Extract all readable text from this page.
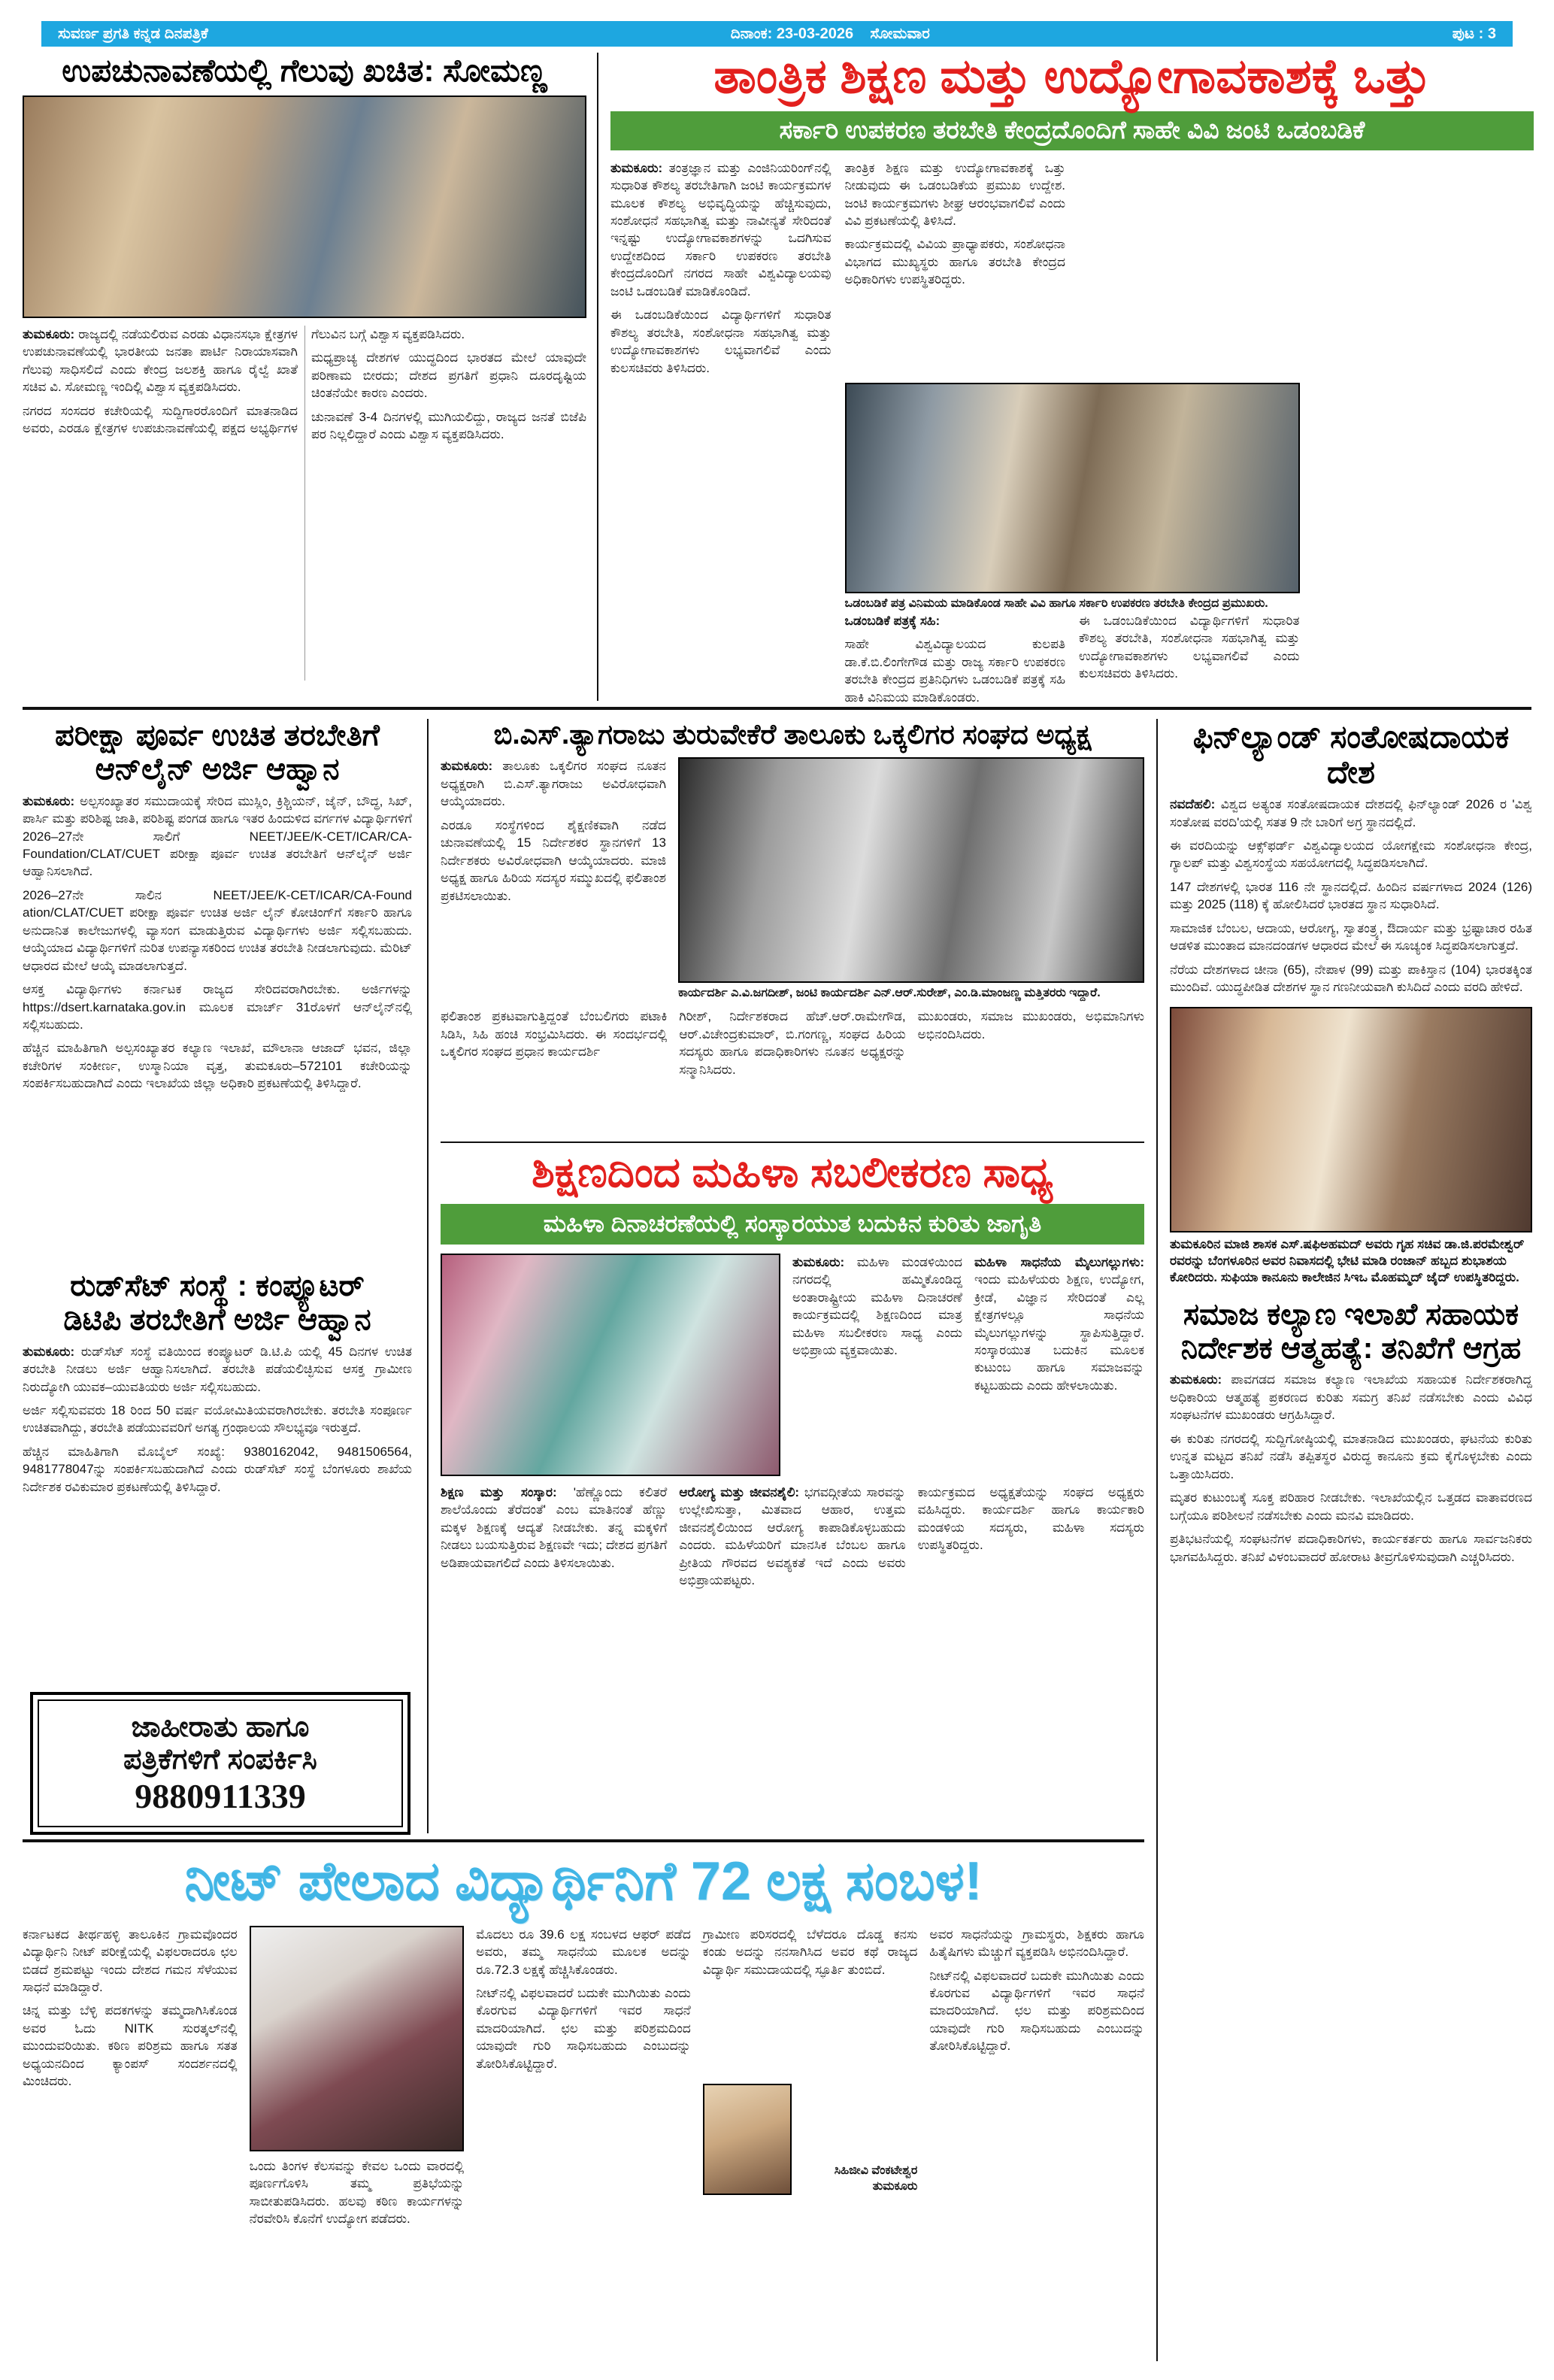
ಸುವರ್ಣ ಪ್ರಗತಿ ಕನ್ನಡ ದಿನಪತ್ರಿಕೆ	ದಿನಾಂಕ: 23-03-2026 ಸೋಮವಾರ	ಪುಟ : 3
ಉಪಚುನಾವಣೆಯಲ್ಲಿ ಗೆಲುವು ಖಚಿತ: ಸೋಮಣ್ಣ

ತುಮಕೂರು: ರಾಜ್ಯದಲ್ಲಿ ನಡೆಯಲಿರುವ ಎರಡು ವಿಧಾನಸಭಾ ಕ್ಷೇತ್ರಗಳ ಉಪಚುನಾವಣೆಯಲ್ಲಿ ಭಾರತೀಯ ಜನತಾ ಪಾರ್ಟಿ ನಿರಾಯಾಸವಾಗಿ ಗೆಲುವು ಸಾಧಿಸಲಿದೆ ಎಂದು ಕೇಂದ್ರ ಜಲಶಕ್ತಿ ಹಾಗೂ ರೈಲ್ವೆ ಖಾತೆ ಸಚಿವ ವಿ. ಸೋಮಣ್ಣ ಇಂದಿಲ್ಲಿ ವಿಶ್ವಾಸ ವ್ಯಕ್ತಪಡಿಸಿದರು.

ನಗರದ ಸಂಸದರ ಕಚೇರಿಯಲ್ಲಿ ಸುದ್ದಿಗಾರರೊಂದಿಗೆ ಮಾತನಾಡಿದ ಅವರು, ಎರಡೂ ಕ್ಷೇತ್ರಗಳ ಉಪಚುನಾವಣೆಯಲ್ಲಿ ಪಕ್ಷದ ಅಭ್ಯರ್ಥಿಗಳ ಗೆಲುವಿನ ಬಗ್ಗೆ ವಿಶ್ವಾಸ ವ್ಯಕ್ತಪಡಿಸಿದರು.

ಮಧ್ಯಪ್ರಾಚ್ಯ ದೇಶಗಳ ಯುದ್ಧದಿಂದ ಭಾರತದ ಮೇಲೆ ಯಾವುದೇ ಪರಿಣಾಮ ಬೀರದು; ದೇಶದ ಪ್ರಗತಿಗೆ ಪ್ರಧಾನಿ ದೂರದೃಷ್ಟಿಯ ಚಿಂತನೆಯೇ ಕಾರಣ ಎಂದರು.

ಚುನಾವಣೆ 3-4 ದಿನಗಳಲ್ಲಿ ಮುಗಿಯಲಿದ್ದು, ರಾಜ್ಯದ ಜನತೆ ಬಿಜೆಪಿ ಪರ ನಿಲ್ಲಲಿದ್ದಾರೆ ಎಂದು ವಿಶ್ವಾಸ ವ್ಯಕ್ತಪಡಿಸಿದರು.

ತಾಂತ್ರಿಕ ಶಿಕ್ಷಣ ಮತ್ತು ಉದ್ಯೋಗಾವಕಾಶಕ್ಕೆ ಒತ್ತು
ಸರ್ಕಾರಿ ಉಪಕರಣ ತರಬೇತಿ ಕೇಂದ್ರದೊಂದಿಗೆ ಸಾಹೇ ವಿವಿ ಜಂಟಿ ಒಡಂಬಡಿಕೆ

ತುಮಕೂರು: ತಂತ್ರಜ್ಞಾನ ಮತ್ತು ಎಂಜಿನಿಯರಿಂಗ್‌ನಲ್ಲಿ ಸುಧಾರಿತ ಕೌಶಲ್ಯ ತರಬೇತಿಗಾಗಿ ಜಂಟಿ ಕಾರ್ಯಕ್ರಮಗಳ ಮೂಲಕ ಕೌಶಲ್ಯ ಅಭಿವೃದ್ಧಿಯನ್ನು ಹೆಚ್ಚಿಸುವುದು, ಸಂಶೋಧನೆ ಸಹಭಾಗಿತ್ವ ಮತ್ತು ನಾವೀನ್ಯತೆ ಸೇರಿದಂತೆ ಇನ್ನಷ್ಟು ಉದ್ಯೋಗಾವಕಾಶಗಳನ್ನು ಒದಗಿಸುವ ಉದ್ದೇಶದಿಂದ ಸರ್ಕಾರಿ ಉಪಕರಣ ತರಬೇತಿ ಕೇಂದ್ರದೊಂದಿಗೆ ನಗರದ ಸಾಹೇ ವಿಶ್ವವಿದ್ಯಾಲಯವು ಜಂಟಿ ಒಡಂಬಡಿಕೆ ಮಾಡಿಕೊಂಡಿದೆ.

ಈ ಒಡಂಬಡಿಕೆಯಿಂದ ವಿದ್ಯಾರ್ಥಿಗಳಿಗೆ ಸುಧಾರಿತ ಕೌಶಲ್ಯ ತರಬೇತಿ, ಸಂಶೋಧನಾ ಸಹಭಾಗಿತ್ವ ಮತ್ತು ಉದ್ಯೋಗಾವಕಾಶಗಳು ಲಭ್ಯವಾಗಲಿವೆ ಎಂದು ಕುಲಸಚಿವರು ತಿಳಿಸಿದರು.

ಒಡಂಬಡಿಕೆ ಪತ್ರ ವಿನಿಮಯ ಮಾಡಿಕೊಂಡ ಸಾಹೇ ವಿವಿ ಹಾಗೂ ಸರ್ಕಾರಿ ಉಪಕರಣ ತರಬೇತಿ ಕೇಂದ್ರದ ಪ್ರಮುಖರು.

ತಾಂತ್ರಿಕ ಶಿಕ್ಷಣ ಮತ್ತು ಉದ್ಯೋಗಾವಕಾಶಕ್ಕೆ ಒತ್ತು ನೀಡುವುದು ಈ ಒಡಂಬಡಿಕೆಯ ಪ್ರಮುಖ ಉದ್ದೇಶ. ಜಂಟಿ ಕಾರ್ಯಕ್ರಮಗಳು ಶೀಘ್ರ ಆರಂಭವಾಗಲಿವೆ ಎಂದು ವಿವಿ ಪ್ರಕಟಣೆಯಲ್ಲಿ ತಿಳಿಸಿದೆ.

ಕಾರ್ಯಕ್ರಮದಲ್ಲಿ ವಿವಿಯ ಪ್ರಾಧ್ಯಾಪಕರು, ಸಂಶೋಧನಾ ವಿಭಾಗದ ಮುಖ್ಯಸ್ಥರು ಹಾಗೂ ತರಬೇತಿ ಕೇಂದ್ರದ ಅಧಿಕಾರಿಗಳು ಉಪಸ್ಥಿತರಿದ್ದರು.

ಒಡಂಬಡಿಕೆ ಪತ್ರಕ್ಕೆ ಸಹಿ:

ಸಾಹೇ ವಿಶ್ವವಿದ್ಯಾಲಯದ ಕುಲಪತಿ ಡಾ.ಕೆ.ಬಿ.ಲಿಂಗೇಗೌಡ ಮತ್ತು ರಾಜ್ಯ ಸರ್ಕಾರಿ ಉಪಕರಣ ತರಬೇತಿ ಕೇಂದ್ರದ ಪ್ರತಿನಿಧಿಗಳು ಒಡಂಬಡಿಕೆ ಪತ್ರಕ್ಕೆ ಸಹಿ ಹಾಕಿ ವಿನಿಮಯ ಮಾಡಿಕೊಂಡರು.

ಈ ಒಡಂಬಡಿಕೆಯಿಂದ ವಿದ್ಯಾರ್ಥಿಗಳಿಗೆ ಸುಧಾರಿತ ಕೌಶಲ್ಯ ತರಬೇತಿ, ಸಂಶೋಧನಾ ಸಹಭಾಗಿತ್ವ ಮತ್ತು ಉದ್ಯೋಗಾವಕಾಶಗಳು ಲಭ್ಯವಾಗಲಿವೆ ಎಂದು ಕುಲಸಚಿವರು ತಿಳಿಸಿದರು.

ಪರೀಕ್ಷಾ ಪೂರ್ವ ಉಚಿತ ತರಬೇತಿಗೆ
ಆನ್‌ಲೈನ್ ಅರ್ಜಿ ಆಹ್ವಾನ

ತುಮಕೂರು: ಅಲ್ಪಸಂಖ್ಯಾತರ ಸಮುದಾಯಕ್ಕೆ ಸೇರಿದ ಮುಸ್ಲಿಂ, ಕ್ರಿಶ್ಚಿಯನ್, ಜೈನ್, ಬೌದ್ಧ, ಸಿಖ್, ಪಾರ್ಸಿ ಮತ್ತು ಪರಿಶಿಷ್ಟ ಜಾತಿ, ಪರಿಶಿಷ್ಟ ಪಂಗಡ ಹಾಗೂ ಇತರ ಹಿಂದುಳಿದ ವರ್ಗಗಳ ವಿದ್ಯಾರ್ಥಿಗಳಿಗೆ 2026–27ನೇ ಸಾಲಿಗೆ NEET/JEE/K-CET/ICAR/CA-Foundation/CLAT/CUET ಪರೀಕ್ಷಾ ಪೂರ್ವ ಉಚಿತ ತರಬೇತಿಗೆ ಆನ್‌ಲೈನ್ ಅರ್ಜಿ ಆಹ್ವಾನಿಸಲಾಗಿದೆ.

2026–27ನೇ ಸಾಲಿನ NEET/JEE/K-CET/ICAR/CA-Found ation/CLAT/CUET ಪರೀಕ್ಷಾ ಪೂರ್ವ ಉಚಿತ ಅರ್ಜಿ ಲೈನ್ ಕೋಚಿಂಗ್‌ಗೆ ಸರ್ಕಾರಿ ಹಾಗೂ ಅನುದಾನಿತ ಕಾಲೇಜುಗಳಲ್ಲಿ ವ್ಯಾಸಂಗ ಮಾಡುತ್ತಿರುವ ವಿದ್ಯಾರ್ಥಿಗಳು ಅರ್ಜಿ ಸಲ್ಲಿಸಬಹುದು. ಆಯ್ಕೆಯಾದ ವಿದ್ಯಾರ್ಥಿಗಳಿಗೆ ನುರಿತ ಉಪನ್ಯಾಸಕರಿಂದ ಉಚಿತ ತರಬೇತಿ ನೀಡಲಾಗುವುದು. ಮೆರಿಟ್ ಆಧಾರದ ಮೇಲೆ ಆಯ್ಕೆ ಮಾಡಲಾಗುತ್ತದೆ.

ಆಸಕ್ತ ವಿದ್ಯಾರ್ಥಿಗಳು ಕರ್ನಾಟಕ ರಾಜ್ಯದ ಸೇರಿದವರಾಗಿರಬೇಕು. ಅರ್ಜಿಗಳನ್ನು https://dsert.karnataka.gov.in ಮೂಲಕ ಮಾರ್ಚ್ 31ರೊಳಗೆ ಆನ್‌ಲೈನ್‌ನಲ್ಲಿ ಸಲ್ಲಿಸಬಹುದು.

ಹೆಚ್ಚಿನ ಮಾಹಿತಿಗಾಗಿ ಅಲ್ಪಸಂಖ್ಯಾತರ ಕಲ್ಯಾಣ ಇಲಾಖೆ, ಮೌಲಾನಾ ಆಜಾದ್ ಭವನ, ಜಿಲ್ಲಾ ಕಚೇರಿಗಳ ಸಂಕೀರ್ಣ, ಉಸ್ಮಾನಿಯಾ ವೃತ್ತ, ತುಮಕೂರು–572101 ಕಚೇರಿಯನ್ನು ಸಂಪರ್ಕಿಸಬಹುದಾಗಿದೆ ಎಂದು ಇಲಾಖೆಯ ಜಿಲ್ಲಾ ಅಧಿಕಾರಿ ಪ್ರಕಟಣೆಯಲ್ಲಿ ತಿಳಿಸಿದ್ದಾರೆ.

ರುಡ್‌ಸೆಟ್ ಸಂಸ್ಥೆ : ಕಂಪ್ಯೂಟರ್
ಡಿಟಿಪಿ ತರಬೇತಿಗೆ ಅರ್ಜಿ ಆಹ್ವಾನ

ತುಮಕೂರು: ರುಡ್‌ಸೆಟ್ ಸಂಸ್ಥೆ ವತಿಯಿಂದ ಕಂಪ್ಯೂಟರ್ ಡಿ.ಟಿ.ಪಿ ಯಲ್ಲಿ 45 ದಿನಗಳ ಉಚಿತ ತರಬೇತಿ ನೀಡಲು ಅರ್ಜಿ ಆಹ್ವಾನಿಸಲಾಗಿದೆ. ತರಬೇತಿ ಪಡೆಯಲಿಚ್ಛಿಸುವ ಆಸಕ್ತ ಗ್ರಾಮೀಣ ನಿರುದ್ಯೋಗಿ ಯುವಕ–ಯುವತಿಯರು ಅರ್ಜಿ ಸಲ್ಲಿಸಬಹುದು.

ಅರ್ಜಿ ಸಲ್ಲಿಸುವವರು 18 ರಿಂದ 50 ವರ್ಷ ವಯೋಮಿತಿಯವರಾಗಿರಬೇಕು. ತರಬೇತಿ ಸಂಪೂರ್ಣ ಉಚಿತವಾಗಿದ್ದು, ತರಬೇತಿ ಪಡೆಯುವವರಿಗೆ ಅಗತ್ಯ ಗ್ರಂಥಾಲಯ ಸೌಲಭ್ಯವೂ ಇರುತ್ತದೆ.

ಹೆಚ್ಚಿನ ಮಾಹಿತಿಗಾಗಿ ಮೊಬೈಲ್ ಸಂಖ್ಯೆ: 9380162042, 9481506564, 9481778047ನ್ನು ಸಂಪರ್ಕಿಸಬಹುದಾಗಿದೆ ಎಂದು ರುಡ್‌ಸೆಟ್ ಸಂಸ್ಥೆ ಬೆಂಗಳೂರು ಶಾಖೆಯ ನಿರ್ದೇಶಕ ರವಿಕುಮಾರ ಪ್ರಕಟಣೆಯಲ್ಲಿ ತಿಳಿಸಿದ್ದಾರೆ.

ಜಾಹೀರಾತು ಹಾಗೂ
ಪತ್ರಿಕೆಗಳಿಗೆ ಸಂಪರ್ಕಿಸಿ
9880911339
ಬಿ.ಎಸ್.ತ್ಯಾಗರಾಜು ತುರುವೇಕೆರೆ ತಾಲೂಕು ಒಕ್ಕಲಿಗರ ಸಂಘದ ಅಧ್ಯಕ್ಷ

ತುಮಕೂರು: ತಾಲೂಕು ಒಕ್ಕಲಿಗರ ಸಂಘದ ನೂತನ ಅಧ್ಯಕ್ಷರಾಗಿ ಬಿ.ಎಸ್.ತ್ಯಾಗರಾಜು ಅವಿರೋಧವಾಗಿ ಆಯ್ಕೆಯಾದರು.

ಎರಡೂ ಸಂಸ್ಥೆಗಳಿಂದ ಶೈಕ್ಷಣಿಕವಾಗಿ ನಡೆದ ಚುನಾವಣೆಯಲ್ಲಿ 15 ನಿರ್ದೇಶಕರ ಸ್ಥಾನಗಳಿಗೆ 13 ನಿರ್ದೇಶಕರು ಅವಿರೋಧವಾಗಿ ಆಯ್ಕೆಯಾದರು. ಮಾಜಿ ಅಧ್ಯಕ್ಷ ಹಾಗೂ ಹಿರಿಯ ಸದಸ್ಯರ ಸಮ್ಮುಖದಲ್ಲಿ ಫಲಿತಾಂಶ ಪ್ರಕಟಿಸಲಾಯಿತು.

ಕಾರ್ಯದರ್ಶಿ ಎ.ವಿ.ಜಗದೀಶ್, ಜಂಟಿ ಕಾರ್ಯದರ್ಶಿ ಎನ್.ಆರ್.ಸುರೇಶ್, ಎಂ.ಡಿ.ಮಾಂಜಣ್ಣ ಮತ್ತಿತರರು ಇದ್ದಾರೆ.

ಫಲಿತಾಂಶ ಪ್ರಕಟವಾಗುತ್ತಿದ್ದಂತೆ ಬೆಂಬಲಿಗರು ಪಟಾಕಿ ಸಿಡಿಸಿ, ಸಿಹಿ ಹಂಚಿ ಸಂಭ್ರಮಿಸಿದರು. ಈ ಸಂದರ್ಭದಲ್ಲಿ ಒಕ್ಕಲಿಗರ ಸಂಘದ ಪ್ರಧಾನ ಕಾರ್ಯದರ್ಶಿ

ಗಿರೀಶ್, ನಿರ್ದೇಶಕರಾದ ಹೆಚ್.ಆರ್.ರಾಮೇಗೌಡ, ಆರ್.ವಿಚೇಂದ್ರಕುಮಾರ್, ಬಿ.ಗಂಗಣ್ಣ, ಸಂಘದ ಹಿರಿಯ ಸದಸ್ಯರು ಹಾಗೂ ಪದಾಧಿಕಾರಿಗಳು ನೂತನ ಅಧ್ಯಕ್ಷರನ್ನು ಸನ್ಮಾನಿಸಿದರು.

ಮುಖಂಡರು, ಸಮಾಜ ಮುಖಂಡರು, ಅಭಿಮಾನಿಗಳು ಅಭಿನಂದಿಸಿದರು.

ಶಿಕ್ಷಣದಿಂದ ಮಹಿಳಾ ಸಬಲೀಕರಣ ಸಾಧ್ಯ
ಮಹಿಳಾ ದಿನಾಚರಣೆಯಲ್ಲಿ ಸಂಸ್ಕಾರಯುತ ಬದುಕಿನ ಕುರಿತು ಜಾಗೃತಿ

ತುಮಕೂರು: ಮಹಿಳಾ ಮಂಡಳಿಯಿಂದ ನಗರದಲ್ಲಿ ಹಮ್ಮಿಕೊಂಡಿದ್ದ ಅಂತಾರಾಷ್ಟ್ರೀಯ ಮಹಿಳಾ ದಿನಾಚರಣೆ ಕಾರ್ಯಕ್ರಮದಲ್ಲಿ ಶಿಕ್ಷಣದಿಂದ ಮಾತ್ರ ಮಹಿಳಾ ಸಬಲೀಕರಣ ಸಾಧ್ಯ ಎಂದು ಅಭಿಪ್ರಾಯ ವ್ಯಕ್ತವಾಯಿತು.

ಮಹಿಳಾ ಸಾಧನೆಯ ಮೈಲುಗಲ್ಲುಗಳು: ಇಂದು ಮಹಿಳೆಯರು ಶಿಕ್ಷಣ, ಉದ್ಯೋಗ, ಕ್ರೀಡೆ, ವಿಜ್ಞಾನ ಸೇರಿದಂತೆ ಎಲ್ಲ ಕ್ಷೇತ್ರಗಳಲ್ಲೂ ಸಾಧನೆಯ ಮೈಲುಗಲ್ಲುಗಳನ್ನು ಸ್ಥಾಪಿಸುತ್ತಿದ್ದಾರೆ. ಸಂಸ್ಕಾರಯುತ ಬದುಕಿನ ಮೂಲಕ ಕುಟುಂಬ ಹಾಗೂ ಸಮಾಜವನ್ನು ಕಟ್ಟಬಹುದು ಎಂದು ಹೇಳಲಾಯಿತು.

ಶಿಕ್ಷಣ ಮತ್ತು ಸಂಸ್ಕಾರ: 'ಹೆಣ್ಣೊಂದು ಕಲಿತರೆ ಶಾಲೆಯೊಂದು ತೆರೆದಂತೆ' ಎಂಬ ಮಾತಿನಂತೆ ಹೆಣ್ಣು ಮಕ್ಕಳ ಶಿಕ್ಷಣಕ್ಕೆ ಆದ್ಯತೆ ನೀಡಬೇಕು. ತನ್ನ ಮಕ್ಕಳಿಗೆ ನೀಡಲು ಬಯಸುತ್ತಿರುವ ಶಿಕ್ಷಣವೇ ಇದು; ದೇಶದ ಪ್ರಗತಿಗೆ ಅಡಿಪಾಯವಾಗಲಿದೆ ಎಂದು ತಿಳಿಸಲಾಯಿತು.

ಆರೋಗ್ಯ ಮತ್ತು ಜೀವನಶೈಲಿ: ಭಗವದ್ಗೀತೆಯ ಸಾರವನ್ನು ಉಲ್ಲೇಖಿಸುತ್ತಾ, ಮಿತವಾದ ಆಹಾರ, ಉತ್ತಮ ಜೀವನಶೈಲಿಯಿಂದ ಆರೋಗ್ಯ ಕಾಪಾಡಿಕೊಳ್ಳಬಹುದು ಎಂದರು. ಮಹಿಳೆಯರಿಗೆ ಮಾನಸಿಕ ಬೆಂಬಲ ಹಾಗೂ ಪ್ರೀತಿಯ ಗೌರವದ ಅವಶ್ಯಕತೆ ಇದೆ ಎಂದು ಅವರು ಅಭಿಪ್ರಾಯಪಟ್ಟರು.

ಕಾರ್ಯಕ್ರಮದ ಅಧ್ಯಕ್ಷತೆಯನ್ನು ಸಂಘದ ಅಧ್ಯಕ್ಷರು ವಹಿಸಿದ್ದರು. ಕಾರ್ಯದರ್ಶಿ ಹಾಗೂ ಕಾರ್ಯಕಾರಿ ಮಂಡಳಿಯ ಸದಸ್ಯರು, ಮಹಿಳಾ ಸದಸ್ಯರು ಉಪಸ್ಥಿತರಿದ್ದರು.

ಫಿನ್‌ಲ್ಯಾಂಡ್ ಸಂತೋಷದಾಯಕ ದೇಶ

ನವದೆಹಲಿ: ವಿಶ್ವದ ಅತ್ಯಂತ ಸಂತೋಷದಾಯಕ ದೇಶದಲ್ಲಿ ಫಿನ್‌ಲ್ಯಾಂಡ್ 2026 ರ 'ವಿಶ್ವ ಸಂತೋಷ ವರದಿ'ಯಲ್ಲಿ ಸತತ 9 ನೇ ಬಾರಿಗೆ ಅಗ್ರ ಸ್ಥಾನದಲ್ಲಿದೆ.

ಈ ವರದಿಯನ್ನು ಆಕ್ಸ್‌ಫರ್ಡ್ ವಿಶ್ವವಿದ್ಯಾಲಯದ ಯೋಗಕ್ಷೇಮ ಸಂಶೋಧನಾ ಕೇಂದ್ರ, ಗ್ಯಾಲಪ್ ಮತ್ತು ವಿಶ್ವಸಂಸ್ಥೆಯ ಸಹಯೋಗದಲ್ಲಿ ಸಿದ್ಧಪಡಿಸಲಾಗಿದೆ.

147 ದೇಶಗಳಲ್ಲಿ ಭಾರತ 116 ನೇ ಸ್ಥಾನದಲ್ಲಿದೆ. ಹಿಂದಿನ ವರ್ಷಗಳಾದ 2024 (126) ಮತ್ತು 2025 (118) ಕ್ಕೆ ಹೋಲಿಸಿದರೆ ಭಾರತದ ಸ್ಥಾನ ಸುಧಾರಿಸಿದೆ.

ಸಾಮಾಜಿಕ ಬೆಂಬಲ, ಆದಾಯ, ಆರೋಗ್ಯ, ಸ್ವಾತಂತ್ರ್ಯ, ಔದಾರ್ಯ ಮತ್ತು ಭ್ರಷ್ಟಾಚಾರ ರಹಿತ ಆಡಳಿತ ಮುಂತಾದ ಮಾನದಂಡಗಳ ಆಧಾರದ ಮೇಲೆ ಈ ಸೂಚ್ಯಂಕ ಸಿದ್ಧಪಡಿಸಲಾಗುತ್ತದೆ.

ನೆರೆಯ ದೇಶಗಳಾದ ಚೀನಾ (65), ನೇಪಾಳ (99) ಮತ್ತು ಪಾಕಿಸ್ತಾನ (104) ಭಾರತಕ್ಕಿಂತ ಮುಂದಿವೆ. ಯುದ್ಧಪೀಡಿತ ದೇಶಗಳ ಸ್ಥಾನ ಗಣನೀಯವಾಗಿ ಕುಸಿದಿದೆ ಎಂದು ವರದಿ ಹೇಳಿದೆ.

ತುಮಕೂರಿನ ಮಾಜಿ ಶಾಸಕ ಎಸ್.ಷಫಿಅಹಮದ್ ಅವರು ಗೃಹ ಸಚಿವ ಡಾ.ಜಿ.ಪರಮೇಶ್ವರ್ ರವರನ್ನು ಬೆಂಗಳೂರಿನ ಅವರ ನಿವಾಸದಲ್ಲಿ ಭೇಟಿ ಮಾಡಿ ರಂಜಾನ್ ಹಬ್ಬದ ಶುಭಾಶಯ ಕೋರಿದರು. ಸುಫಿಯಾ ಕಾನೂನು ಕಾಲೇಜಿನ ಸಿಇಒ ಮೊಹಮ್ಮದ್ ಜೈದ್ ಉಪಸ್ಥಿತರಿದ್ದರು.
ಸಮಾಜ ಕಲ್ಯಾಣ ಇಲಾಖೆ ಸಹಾಯಕ
ನಿರ್ದೇಶಕ ಆತ್ಮಹತ್ಯೆ: ತನಿಖೆಗೆ ಆಗ್ರಹ

ತುಮಕೂರು: ಪಾವಗಡದ ಸಮಾಜ ಕಲ್ಯಾಣ ಇಲಾಖೆಯ ಸಹಾಯಕ ನಿರ್ದೇಶಕರಾಗಿದ್ದ ಅಧಿಕಾರಿಯ ಆತ್ಮಹತ್ಯೆ ಪ್ರಕರಣದ ಕುರಿತು ಸಮಗ್ರ ತನಿಖೆ ನಡೆಸಬೇಕು ಎಂದು ವಿವಿಧ ಸಂಘಟನೆಗಳ ಮುಖಂಡರು ಆಗ್ರಹಿಸಿದ್ದಾರೆ.

ಈ ಕುರಿತು ನಗರದಲ್ಲಿ ಸುದ್ದಿಗೋಷ್ಠಿಯಲ್ಲಿ ಮಾತನಾಡಿದ ಮುಖಂಡರು, ಘಟನೆಯ ಕುರಿತು ಉನ್ನತ ಮಟ್ಟದ ತನಿಖೆ ನಡೆಸಿ ತಪ್ಪಿತಸ್ಥರ ವಿರುದ್ಧ ಕಾನೂನು ಕ್ರಮ ಕೈಗೊಳ್ಳಬೇಕು ಎಂದು ಒತ್ತಾಯಿಸಿದರು.

ಮೃತರ ಕುಟುಂಬಕ್ಕೆ ಸೂಕ್ತ ಪರಿಹಾರ ನೀಡಬೇಕು. ಇಲಾಖೆಯಲ್ಲಿನ ಒತ್ತಡದ ವಾತಾವರಣದ ಬಗ್ಗೆಯೂ ಪರಿಶೀಲನೆ ನಡೆಸಬೇಕು ಎಂದು ಮನವಿ ಮಾಡಿದರು.

ಪ್ರತಿಭಟನೆಯಲ್ಲಿ ಸಂಘಟನೆಗಳ ಪದಾಧಿಕಾರಿಗಳು, ಕಾರ್ಯಕರ್ತರು ಹಾಗೂ ಸಾರ್ವಜನಿಕರು ಭಾಗವಹಿಸಿದ್ದರು. ತನಿಖೆ ವಿಳಂಬವಾದರೆ ಹೋರಾಟ ತೀವ್ರಗೊಳಿಸುವುದಾಗಿ ಎಚ್ಚರಿಸಿದರು.

ನೀಟ್ ಪೇಲಾದ ವಿದ್ಯಾರ್ಥಿನಿಗೆ 72 ಲಕ್ಷ ಸಂಬಳ!

ಕರ್ನಾಟಕದ ತೀರ್ಥಹಳ್ಳಿ ತಾಲೂಕಿನ ಗ್ರಾಮವೊಂದರ ವಿದ್ಯಾರ್ಥಿನಿ ನೀಟ್ ಪರೀಕ್ಷೆಯಲ್ಲಿ ವಿಫಲರಾದರೂ ಛಲ ಬಿಡದೆ ಶ್ರಮಪಟ್ಟು ಇಂದು ದೇಶದ ಗಮನ ಸೆಳೆಯುವ ಸಾಧನೆ ಮಾಡಿದ್ದಾರೆ.

ಚಿನ್ನ ಮತ್ತು ಬೆಳ್ಳಿ ಪದಕಗಳನ್ನು ತಮ್ಮದಾಗಿಸಿಕೊಂಡ ಅವರ ಓದು NITK ಸುರತ್ಕಲ್‌ನಲ್ಲಿ ಮುಂದುವರಿಯಿತು. ಕಠಿಣ ಪರಿಶ್ರಮ ಹಾಗೂ ಸತತ ಅಧ್ಯಯನದಿಂದ ಕ್ಯಾಂಪಸ್ ಸಂದರ್ಶನದಲ್ಲಿ ಮಿಂಚಿದರು.

ಒಂದು ತಿಂಗಳ ಕೆಲಸವನ್ನು ಕೇವಲ ಒಂದು ವಾರದಲ್ಲಿ ಪೂರ್ಣಗೊಳಿಸಿ ತಮ್ಮ ಪ್ರತಿಭೆಯನ್ನು ಸಾಬೀತುಪಡಿಸಿದರು. ಹಲವು ಕಠಿಣ ಕಾರ್ಯಗಳನ್ನು ನೆರವೇರಿಸಿ ಕೊನೆಗೆ ಉದ್ಯೋಗ ಪಡೆದರು.

ಮೊದಲು ರೂ 39.6 ಲಕ್ಷ ಸಂಬಳದ ಆಫರ್ ಪಡೆದ ಅವರು, ತಮ್ಮ ಸಾಧನೆಯ ಮೂಲಕ ಅದನ್ನು ರೂ.72.3 ಲಕ್ಷಕ್ಕೆ ಹೆಚ್ಚಿಸಿಕೊಂಡರು.

ನೀಟ್‌ನಲ್ಲಿ ವಿಫಲವಾದರೆ ಬದುಕೇ ಮುಗಿಯಿತು ಎಂದು ಕೊರಗುವ ವಿದ್ಯಾರ್ಥಿಗಳಿಗೆ ಇವರ ಸಾಧನೆ ಮಾದರಿಯಾಗಿದೆ. ಛಲ ಮತ್ತು ಪರಿಶ್ರಮದಿಂದ ಯಾವುದೇ ಗುರಿ ಸಾಧಿಸಬಹುದು ಎಂಬುದನ್ನು ತೋರಿಸಿಕೊಟ್ಟಿದ್ದಾರೆ.

ಗ್ರಾಮೀಣ ಪರಿಸರದಲ್ಲಿ ಬೆಳೆದರೂ ದೊಡ್ಡ ಕನಸು ಕಂಡು ಅದನ್ನು ನನಸಾಗಿಸಿದ ಅವರ ಕಥೆ ರಾಜ್ಯದ ವಿದ್ಯಾರ್ಥಿ ಸಮುದಾಯದಲ್ಲಿ ಸ್ಫೂರ್ತಿ ತುಂಬಿದೆ.

ಸಿಹಿಜೀವಿ ವೆಂಕಟೇಶ್ವರ
ತುಮಕೂರು

ಅವರ ಸಾಧನೆಯನ್ನು ಗ್ರಾಮಸ್ಥರು, ಶಿಕ್ಷಕರು ಹಾಗೂ ಹಿತೈಷಿಗಳು ಮೆಚ್ಚುಗೆ ವ್ಯಕ್ತಪಡಿಸಿ ಅಭಿನಂದಿಸಿದ್ದಾರೆ.

ನೀಟ್‌ನಲ್ಲಿ ವಿಫಲವಾದರೆ ಬದುಕೇ ಮುಗಿಯಿತು ಎಂದು ಕೊರಗುವ ವಿದ್ಯಾರ್ಥಿಗಳಿಗೆ ಇವರ ಸಾಧನೆ ಮಾದರಿಯಾಗಿದೆ. ಛಲ ಮತ್ತು ಪರಿಶ್ರಮದಿಂದ ಯಾವುದೇ ಗುರಿ ಸಾಧಿಸಬಹುದು ಎಂಬುದನ್ನು ತೋರಿಸಿಕೊಟ್ಟಿದ್ದಾರೆ.
